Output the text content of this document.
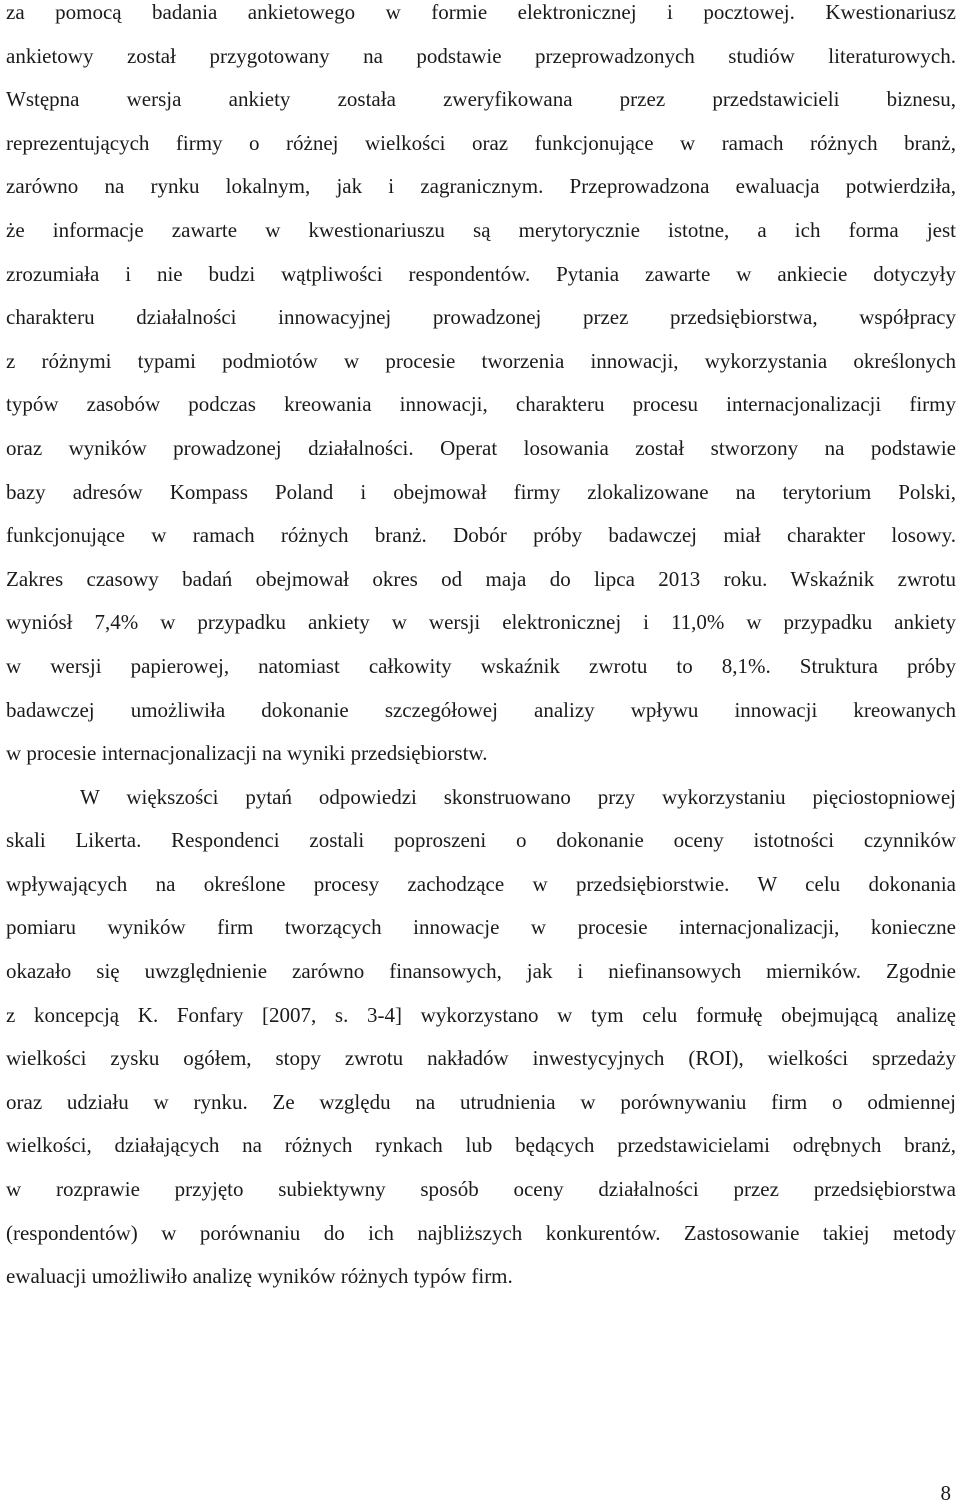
za pomocą badania ankietowego w formie elektronicznej i pocztowej. Kwestionariusz
ankietowy został przygotowany na podstawie przeprowadzonych studiów literaturowych.
Wstępna wersja ankiety została zweryfikowana przez przedstawicieli biznesu,
reprezentujących firmy o różnej wielkości oraz funkcjonujące w ramach różnych branż,
zarówno na rynku lokalnym, jak i zagranicznym. Przeprowadzona ewaluacja potwierdziła,
że informacje zawarte w kwestionariuszu są merytorycznie istotne, a ich forma jest
zrozumiała i nie budzi wątpliwości respondentów. Pytania zawarte w ankiecie dotyczyły
charakteru działalności innowacyjnej prowadzonej przez przedsiębiorstwa, współpracy
z różnymi typami podmiotów w procesie tworzenia innowacji, wykorzystania określonych
typów zasobów podczas kreowania innowacji, charakteru procesu internacjonalizacji firmy
oraz wyników prowadzonej działalności. Operat losowania został stworzony na podstawie
bazy adresów Kompass Poland i obejmował firmy zlokalizowane na terytorium Polski,
funkcjonujące w ramach różnych branż. Dobór próby badawczej miał charakter losowy.
Zakres czasowy badań obejmował okres od maja do lipca 2013 roku. Wskaźnik zwrotu
wyniósł 7,4% w przypadku ankiety w wersji elektronicznej i 11,0% w przypadku ankiety
w wersji papierowej, natomiast całkowity wskaźnik zwrotu to 8,1%. Struktura próby
badawczej umożliwiła dokonanie szczegółowej analizy wpływu innowacji kreowanych
w procesie internacjonalizacji na wyniki przedsiębiorstw.
W większości pytań odpowiedzi skonstruowano przy wykorzystaniu pięciostopniowej
skali Likerta. Respondenci zostali poproszeni o dokonanie oceny istotności czynników
wpływających na określone procesy zachodzące w przedsiębiorstwie. W celu dokonania
pomiaru wyników firm tworzących innowacje w procesie internacjonalizacji, konieczne
okazało się uwzględnienie zarówno finansowych, jak i niefinansowych mierników. Zgodnie
z koncepcją K. Fonfary [2007, s. 3-4] wykorzystano w tym celu formułę obejmującą analizę
wielkości zysku ogółem, stopy zwrotu nakładów inwestycyjnych (ROI), wielkości sprzedaży
oraz udziału w rynku. Ze względu na utrudnienia w porównywaniu firm o odmiennej
wielkości, działających na różnych rynkach lub będących przedstawicielami odrębnych branż,
w rozprawie przyjęto subiektywny sposób oceny działalności przez przedsiębiorstwa
(respondentów) w porównaniu do ich najbliższych konkurentów. Zastosowanie takiej metody
ewaluacji umożliwiło analizę wyników różnych typów firm.
8
